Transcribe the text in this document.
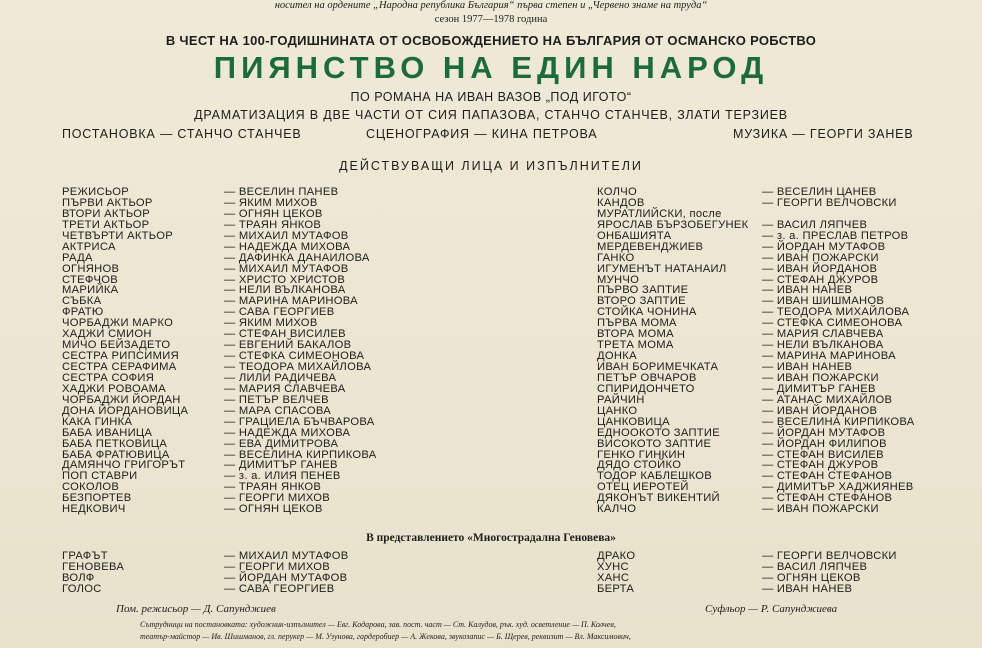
носител на ордените „Народна република България“ първа степен и „Червено знаме на труда“
сезон 1977—1978 година
В ЧЕСТ НА 100-ГОДИШНИНАТА ОТ ОСВОБОЖДЕНИЕТО НА БЪЛГАРИЯ ОТ ОСМАНСКО РОБСТВО
ПИЯНСТВО НА ЕДИН НАРОД
ПО РОМАНА НА ИВАН ВАЗОВ „ПОД ИГОТО“
ДРАМАТИЗАЦИЯ В ДВЕ ЧАСТИ ОТ СИЯ ПАПАЗОВА, СТАНЧО СТАНЧЕВ, ЗЛАТИ ТЕРЗИЕВ
ПОСТАНОВКА — СТАНЧО СТАНЧЕВ	СЦЕНОГРАФИЯ — КИНА ПЕТРОВА	МУЗИКА — ГЕОРГИ ЗАНЕВ
ДЕЙСТВУВАЩИ ЛИЦА И ИЗПЪЛНИТЕЛИ
РЕЖИСЬОР	— ВЕСЕЛИН ПАНЕВ
ПЪРВИ АКТЬОР	— ЯКИМ МИХОВ
ВТОРИ АКТЬОР	— ОГНЯН ЦЕКОВ
ТРЕТИ АКТЬОР	— ТРАЯН ЯНКОВ
ЧЕТВЪРТИ АКТЬОР	— МИХАИЛ МУТАФОВ
АКТРИСА	— НАДЕЖДА МИХОВА
РАДА	— ДАФИНКА ДАНАИЛОВА
ОГНЯНОВ	— МИХАИЛ МУТАФОВ
СТЕФЧОВ	— ХРИСТО ХРИСТОВ
МАРИЙКА	— НЕЛИ ВЪЛКАНОВА
СЪБКА	— МАРИНА МАРИНОВА
ФРАТЮ	— САВА ГЕОРГИЕВ
ЧОРБАДЖИ МАРКО	— ЯКИМ МИХОВ
ХАДЖИ СМИОН	— СТЕФАН ВИСИЛЕВ
МИЧО БЕЙЗАДЕТО	— ЕВГЕНИЙ БАКАЛОВ
СЕСТРА РИПСИМИЯ	— СТЕФКА СИМЕОНОВА
СЕСТРА СЕРАФИМА	— ТЕОДОРА МИХАЙЛОВА
СЕСТРА СОФИЯ	— ЛИЛИ РАДИЧЕВА
ХАДЖИ РОВОАМА	— МАРИЯ СЛАВЧЕВА
ЧОРБАДЖИ ЙОРДАН	— ПЕТЪР ВЕЛЧЕВ
ДОНА ЙОРДАНОВИЦА	— МАРА СПАСОВА
КАКА ГИНКА	— ГРАЦИЕЛА БЪЧВАРОВА
БАБА ИВАНИЦА	— НАДЕЖДА МИХОВА
БАБА ПЕТКОВИЦА	— ЕВА ДИМИТРОВА
БАБА ФРАТЮВИЦА	— ВЕСЕЛИНА КИРПИКОВА
ДАМЯНЧО ГРИГОРЪТ	— ДИМИТЪР ГАНЕВ
ПОП СТАВРИ	— з. а. ИЛИЯ ПЕНЕВ
СОКОЛОВ	— ТРАЯН ЯНКОВ
БЕЗПОРТЕВ	— ГЕОРГИ МИХОВ
НЕДКОВИЧ	— ОГНЯН ЦЕКОВ
КОЛЧО	— ВЕСЕЛИН ЦАНЕВ
КАНДОВ	— ГЕОРГИ ВЕЛЧОВСКИ
МУРАТЛИЙСКИ, после
ЯРОСЛАВ БЪРЗОБЕГУНЕК — ВАСИЛ ЛЯПЧЕВ
ОНБАШИЯТА	— з. а. ПРЕСЛАВ ПЕТРОВ
МЕРДЕВЕНДЖИЕВ	— ЙОРДАН МУТАФОВ
ГАНКО	— ИВАН ПОЖАРСКИ
ИГУМЕНЪТ НАТАНАИЛ	— ИВАН ЙОРДАНОВ
МУНЧО	— СТЕФАН ДЖУРОВ
ПЪРВО ЗАПТИЕ	— ИВАН НАНЕВ
ВТОРО ЗАПТИЕ	— ИВАН ШИШМАНОВ
СТОЙКА ЧОНИНА	— ТЕОДОРА МИХАЙЛОВА
ПЪРВА МОМА	— СТЕФКА СИМЕОНОВА
ВТОРА МОМА	— МАРИЯ СЛАВЧЕВА
ТРЕТА МОМА	— НЕЛИ ВЪЛКАНОВА
ДОНКА	— МАРИНА МАРИНОВА
ИВАН БОРИМЕЧКАТА	— ИВАН НАНЕВ
ПЕТЪР ОВЧАРОВ	— ИВАН ПОЖАРСКИ
СПИРИДОНЧЕТО	— ДИМИТЪР ГАНЕВ
РАЙЧИН	— АТАНАС МИХАЙЛОВ
ЦАНКО	— ИВАН ЙОРДАНОВ
ЦАНКОВИЦА	— ВЕСЕЛИНА КИРПИКОВА
ЕДНООКОТО ЗАПТИЕ	— ЙОРДАН МУТАФОВ
ВИСОКОТО ЗАПТИЕ	— ЙОРДАН ФИЛИПОВ
ГЕНКО ГИНКИН	— СТЕФАН ВИСИЛЕВ
ДЯДО СТОЙКО	— СТЕФАН ДЖУРОВ
ТОДОР КАБЛЕШКОВ	— СТЕФАН СТЕФАНОВ
ОТЕЦ ИЕРОТЕЙ	— ДИМИТЪР ХАДЖИЯНЕВ
ДЯКОНЪТ ВИКЕНТИЙ	— СТЕФАН СТЕФАНОВ
КАЛЧО	— ИВАН ПОЖАРСКИ
В представлението «Многострадална Геновева»
ГРАФЪТ	— МИХАИЛ МУТАФОВ
ГЕНОВЕВА	— ГЕОРГИ МИХОВ
ВОЛФ	— ЙОРДАН МУТАФОВ
ГОЛОС	— САВА ГЕОРГИЕВ
ДРАКО	— ГЕОРГИ ВЕЛЧОВСКИ
ХУНС	— ВАСИЛ ЛЯПЧЕВ
ХАНС	— ОГНЯН ЦЕКОВ
БЕРТА	— ИВАН НАНЕВ
Пом. режисьор — Д. Сапунджиев	Суфльор — Р. Сапунджиева
Сътрудници на постановката: художник-изпълнител — Евг. Кодарова, зав. пост. част — Ст. Калудов, рък. худ. осветление — П. Колчев,
театър-майстор — Ив. Шишманов, гл. перукер — М. Узунова, гардеробиер — А. Жекова, звукозапис — Б. Щерев, реквизит — Вл. Максимович,
